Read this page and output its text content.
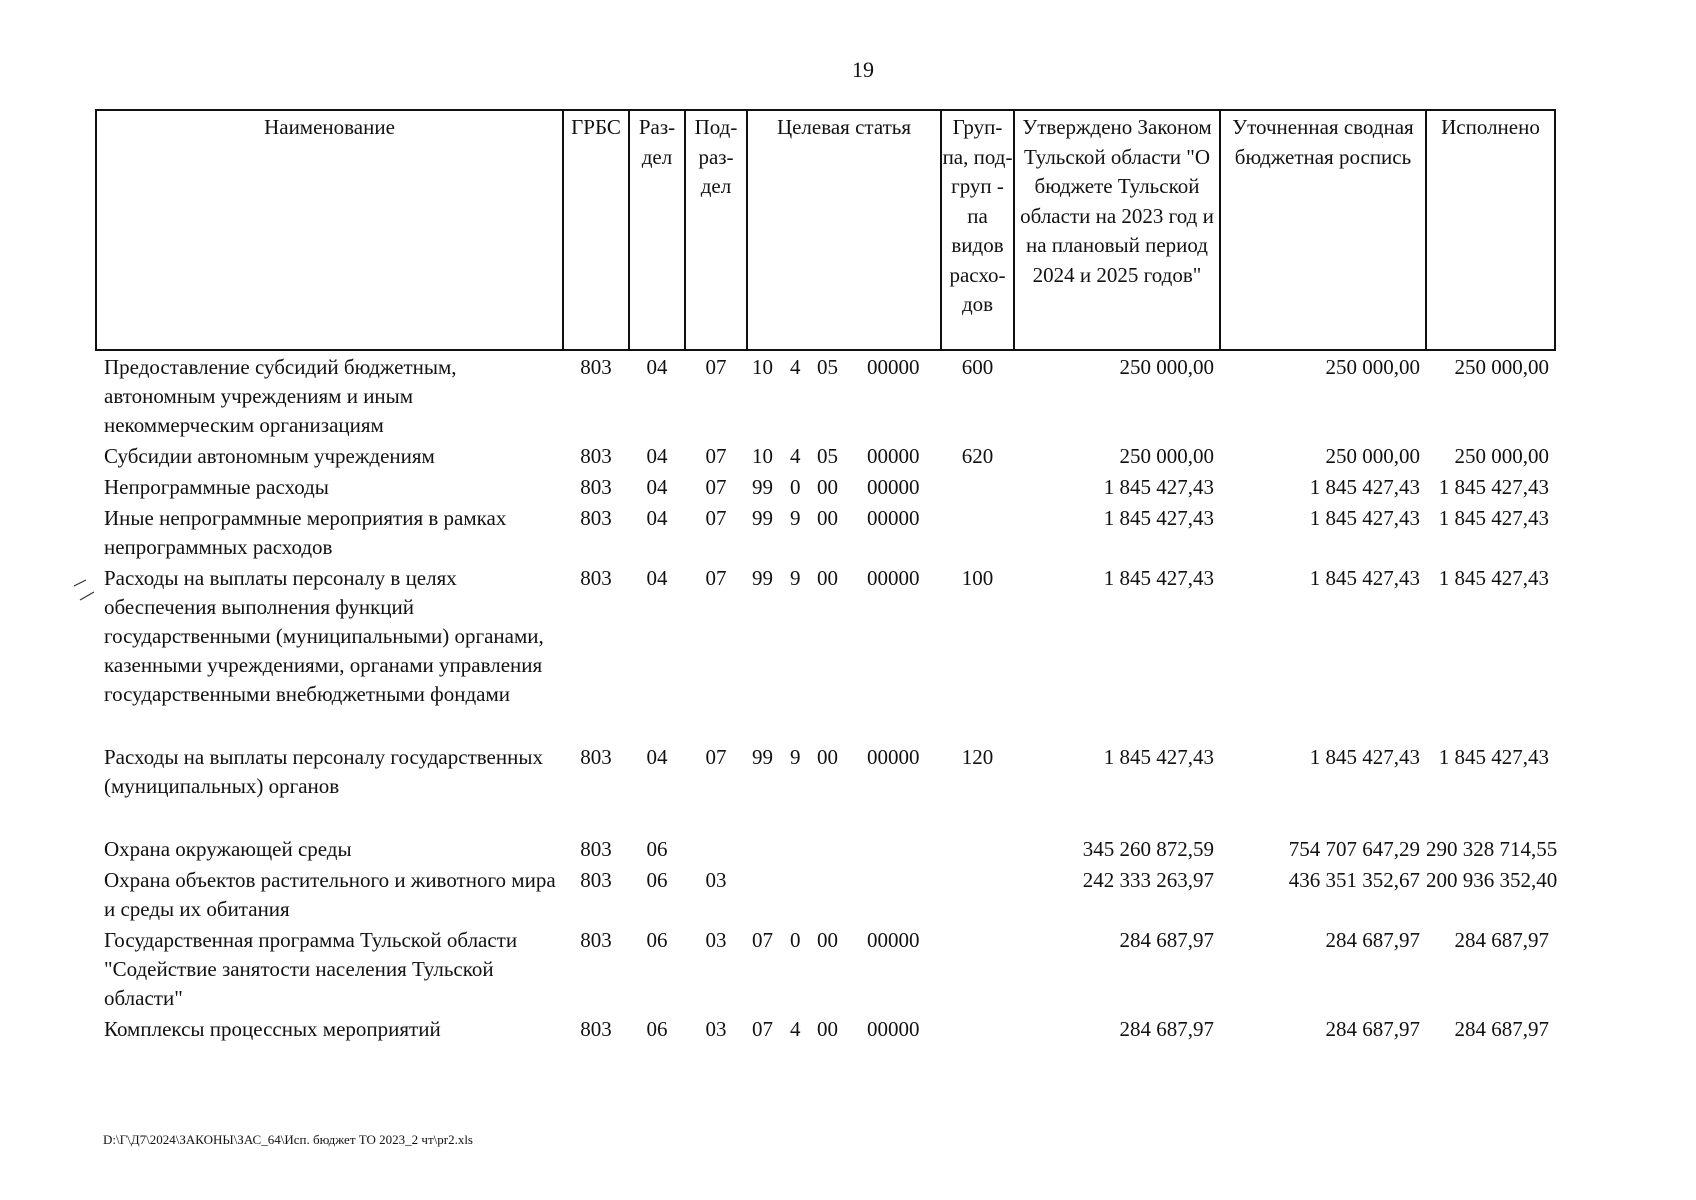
19
Наименование	ГРБС	Раз-дел	Под-раз-дел	Целевая статья	Груп-па, под-груп - па видов расхо-дов	Утверждено Законом Тульской области "О бюджете Тульской области на 2023 год и на плановый период 2024 и 2025 годов"	Уточненная сводная бюджетная роспись	Исполнено
Предоставление субсидий бюджетным, автономным учреждениям и иным некоммерческим организациям	803	04	07	10 4 05 00000	600	250 000,00	250 000,00	250 000,00
Субсидии автономным учреждениям	803	04	07	10 4 05 00000	620	250 000,00	250 000,00	250 000,00
Непрограммные расходы	803	04	07	99 0 00 00000		1 845 427,43	1 845 427,43	1 845 427,43
Иные непрограммные мероприятия в рамках непрограммных расходов	803	04	07	99 9 00 00000		1 845 427,43	1 845 427,43	1 845 427,43
Расходы на выплаты персоналу в целях обеспечения выполнения функций государственными (муниципальными) органами, казенными учреждениями, органами управления государственными внебюджетными фондами	803	04	07	99 9 00 00000	100	1 845 427,43	1 845 427,43	1 845 427,43
Расходы на выплаты персоналу государственных (муниципальных) органов	803	04	07	99 9 00 00000	120	1 845 427,43	1 845 427,43	1 845 427,43
Охрана окружающей среды	803	06				345 260 872,59	754 707 647,29	290 328 714,55
Охрана объектов растительного и животного мира и среды их обитания	803	06	03			242 333 263,97	436 351 352,67	200 936 352,40
Государственная программа Тульской области "Содействие занятости населения Тульской области"	803	06	03	07 0 00 00000		284 687,97	284 687,97	284 687,97
Комплексы процессных мероприятий	803	06	03	07 4 00 00000		284 687,97	284 687,97	284 687,97
D:\Г\Д7\2024\ЗАКОНЫ\ЗАС_64\Исп. бюджет ТО 2023_2 чт\pr2.xls
